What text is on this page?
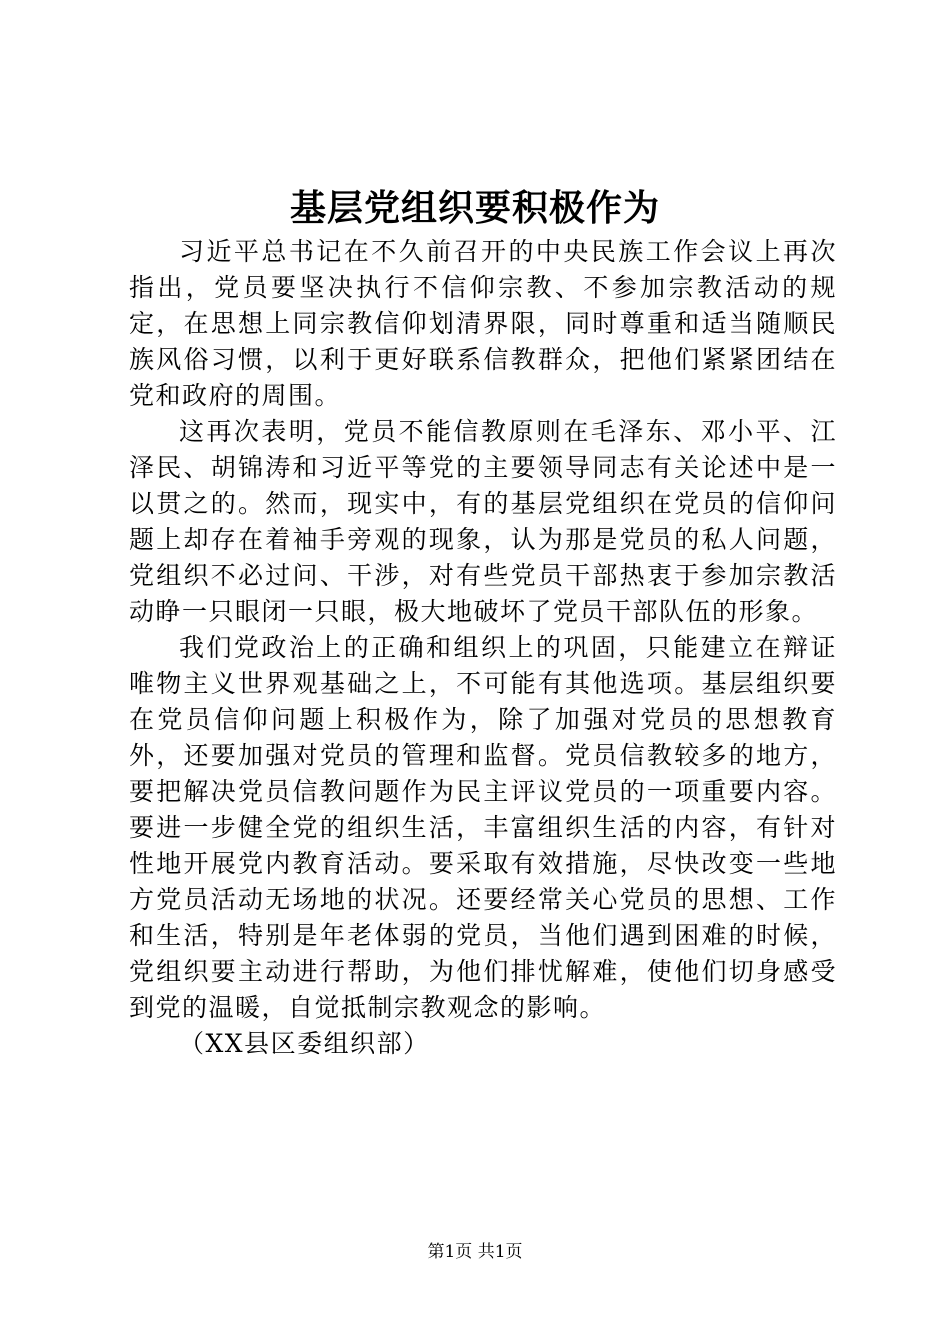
基层党组织要积极作为

习近平总书记在不久前召开的中央民族工作会议上再次指出，党员要坚决执行不信仰宗教、不参加宗教活动的规定，在思想上同宗教信仰划清界限，同时尊重和适当随顺民族风俗习惯，以利于更好联系信教群众，把他们紧紧团结在党和政府的周围。

这再次表明，党员不能信教原则在毛泽东、邓小平、江泽民、胡锦涛和习近平等党的主要领导同志有关论述中是一以贯之的。然而，现实中，有的基层党组织在党员的信仰问题上却存在着袖手旁观的现象，认为那是党员的私人问题，党组织不必过问、干涉，对有些党员干部热衷于参加宗教活动睁一只眼闭一只眼，极大地破坏了党员干部队伍的形象。

我们党政治上的正确和组织上的巩固，只能建立在辩证唯物主义世界观基础之上，不可能有其他选项。基层组织要在党员信仰问题上积极作为，除了加强对党员的思想教育外，还要加强对党员的管理和监督。党员信教较多的地方，要把解决党员信教问题作为民主评议党员的一项重要内容。要进一步健全党的组织生活，丰富组织生活的内容，有针对性地开展党内教育活动。要采取有效措施，尽快改变一些地方党员活动无场地的状况。还要经常关心党员的思想、工作和生活，特别是年老体弱的党员，当他们遇到困难的时候，党组织要主动进行帮助，为他们排忧解难，使他们切身感受到党的温暖，自觉抵制宗教观念的影响。

（XX县区委组织部）

第1页 共1页
